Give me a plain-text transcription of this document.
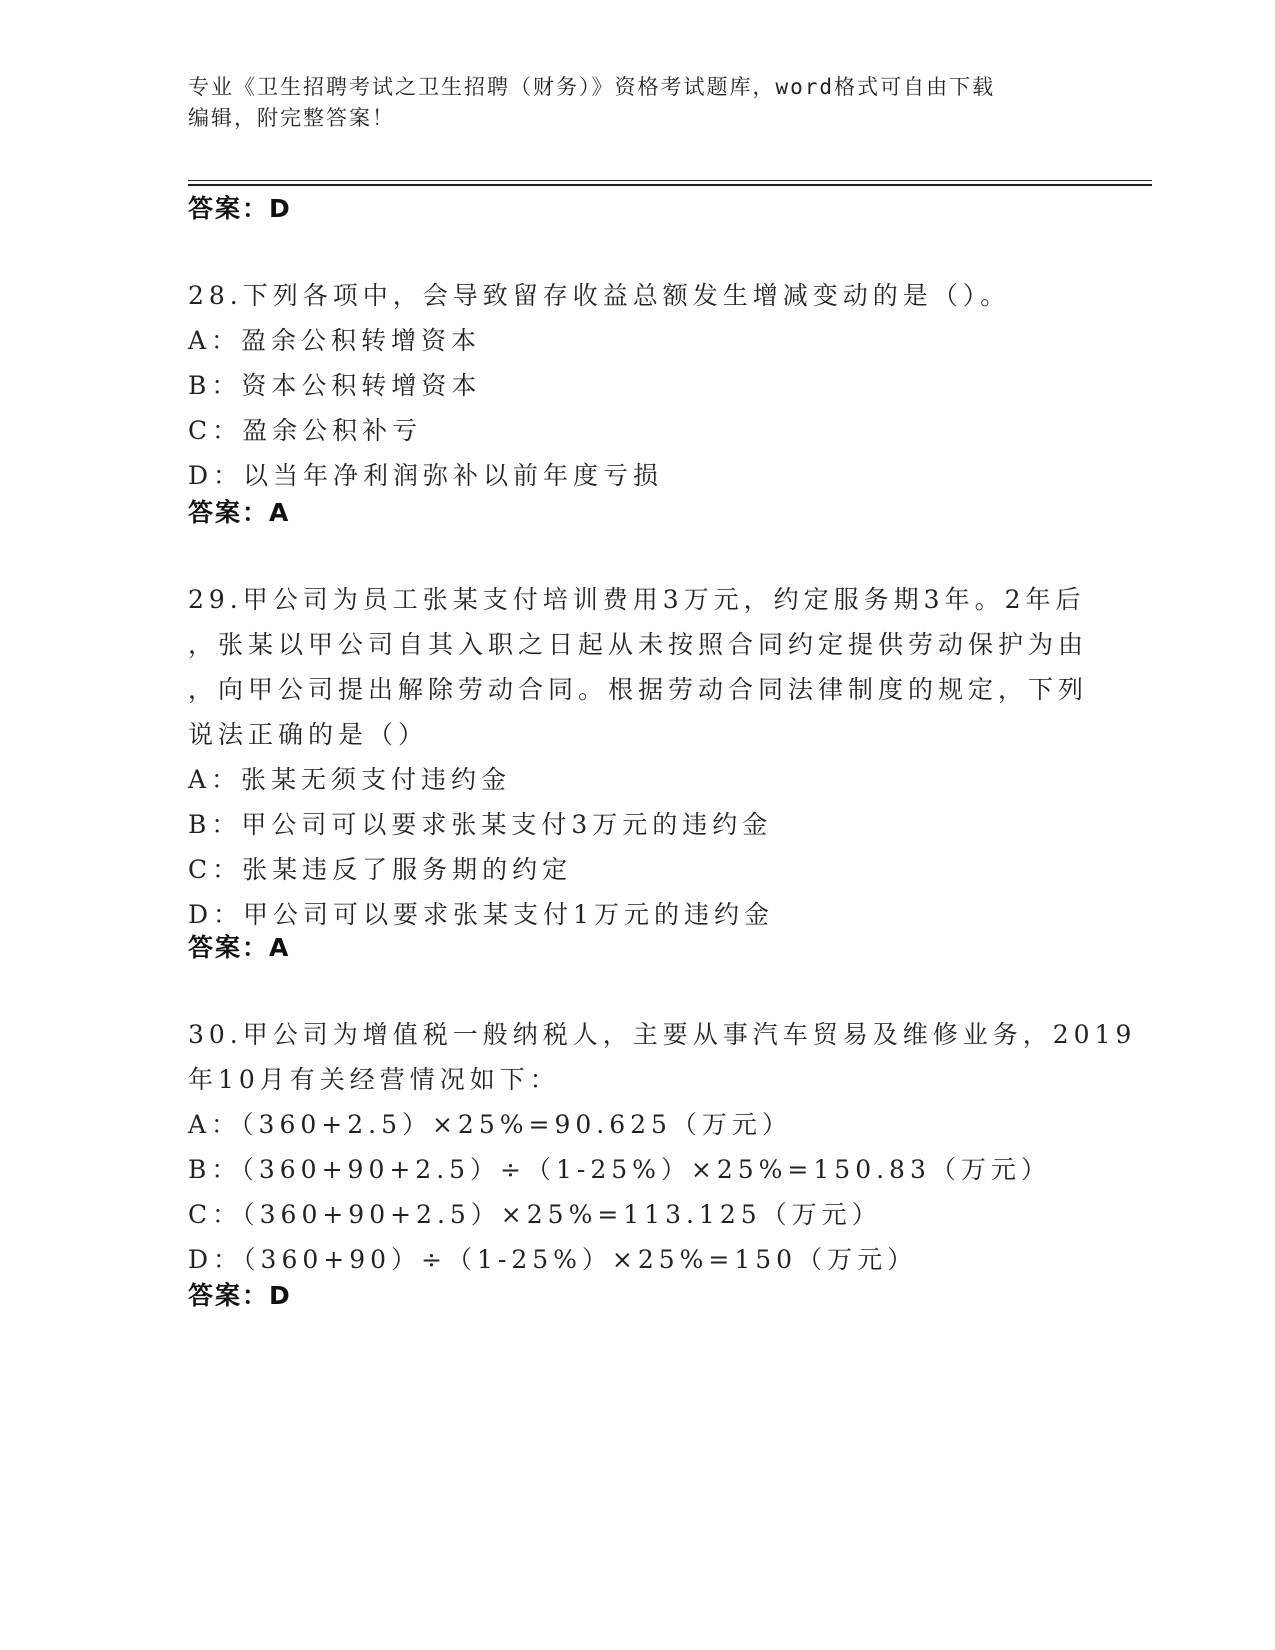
专业《卫生招聘考试之卫生招聘（财务）》资格考试题库，word格式可自由下载
编辑，附完整答案！
答案：D
28.下列各项中，会导致留存收益总额发生增减变动的是（）。
A：盈余公积转增资本
B：资本公积转增资本
C：盈余公积补亏
D：以当年净利润弥补以前年度亏损
答案：A
29.甲公司为员工张某支付培训费用3万元，约定服务期3年。2年后
，张某以甲公司自其入职之日起从未按照合同约定提供劳动保护为由
，向甲公司提出解除劳动合同。根据劳动合同法律制度的规定，下列
说法正确的是（）
A：张某无须支付违约金
B：甲公司可以要求张某支付3万元的违约金
C：张某违反了服务期的约定
D：甲公司可以要求张某支付1万元的违约金
答案：A
30.甲公司为增值税一般纳税人，主要从事汽车贸易及维修业务，2019
年10月有关经营情况如下：
A：（360+2.5）×25%=90.625（万元）
B：（360+90+2.5）÷（1-25%）×25%=150.83（万元）
C：（360+90+2.5）×25%=113.125（万元）
D：（360+90）÷（1-25%）×25%=150（万元）
答案：D
